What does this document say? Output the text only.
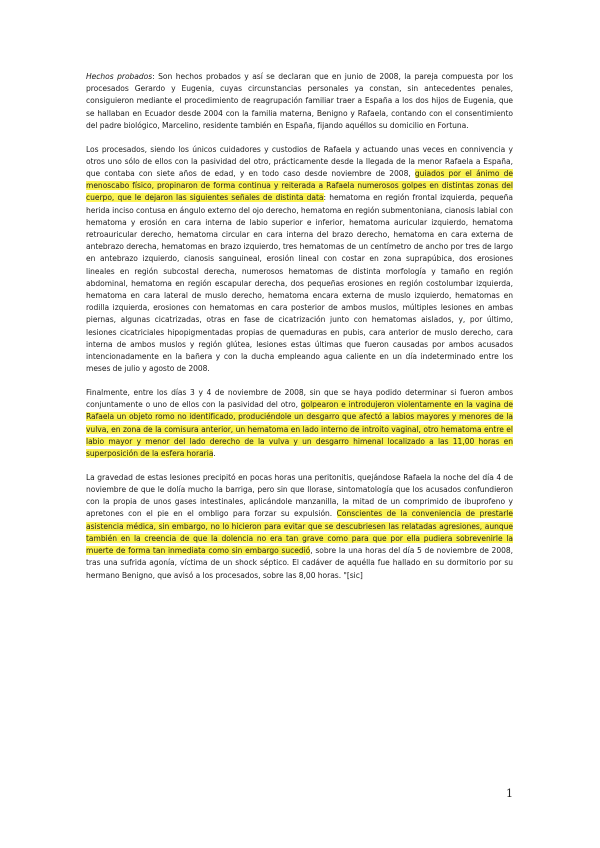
Hechos probados: Son hechos probados y así se declaran que en junio de 2008, la pareja compuesta por los procesados Gerardo y Eugenia, cuyas circunstancias personales ya constan, sin antecedentes penales, consiguieron mediante el procedimiento de reagrupación familiar traer a España a los dos hijos de Eugenia, que se hallaban en Ecuador desde 2004 con la familia materna, Benigno y Rafaela, contando con el consentimiento del padre biológico, Marcelino, residente también en España, fijando aquéllos su domicilio en Fortuna.

Los procesados, siendo los únicos cuidadores y custodios de Rafaela y actuando unas veces en connivencia y otros uno sólo de ellos con la pasividad del otro, prácticamente desde la llegada de la menor Rafaela a España, que contaba con siete años de edad, y en todo caso desde noviembre de 2008, guiados por el ánimo de menoscabo físico, propinaron de forma continua y reiterada a Rafaela numerosos golpes en distintas zonas del cuerpo, que le dejaron las siguientes señales de distinta data: hematoma en región frontal izquierda, pequeña herida inciso contusa en ángulo externo del ojo derecho, hematoma en región submentoniana, cianosis labial con hematoma y erosión en cara interna de labio superior e inferior, hematoma auricular izquierdo, hematoma retroauricular derecho, hematoma circular en cara interna del brazo derecho, hematoma en cara externa de antebrazo derecha, hematomas en brazo izquierdo, tres hematomas de un centímetro de ancho por tres de largo en antebrazo izquierdo, cianosis sanguineal, erosión lineal con costar en zona suprapúbica, dos erosiones lineales en región subcostal derecha, numerosos hematomas de distinta morfología y tamaño en región abdominal, hematoma en región escapular derecha, dos pequeñas erosiones en región costolumbar izquierda, hematoma en cara lateral de muslo derecho, hematoma encara externa de muslo izquierdo, hematomas en rodilla izquierda, erosiones con hematomas en cara posterior de ambos muslos, múltiples lesiones en ambas piernas, algunas cicatrizadas, otras en fase de cicatrización junto con hematomas aislados, y, por último, lesiones cicatriciales hipopigmentadas propias de quemaduras en pubis, cara anterior de muslo derecho, cara interna de ambos muslos y región glútea, lesiones estas últimas que fueron causadas por ambos acusados intencionadamente en la bañera y con la ducha empleando agua caliente en un día indeterminado entre los meses de julio y agosto de 2008.

Finalmente, entre los días 3 y 4 de noviembre de 2008, sin que se haya podido determinar si fueron ambos conjuntamente o uno de ellos con la pasividad del otro, golpearon e introdujeron violentamente en la vagina de Rafaela un objeto romo no identificado, produciéndole un desgarro que afectó a labios mayores y menores de la vulva, en zona de la comisura anterior, un hematoma en lado interno de introito vaginal, otro hematoma entre el labio mayor y menor del lado derecho de la vulva y un desgarro himenal localizado a las 11,00 horas en superposición de la esfera horaria.

La gravedad de estas lesiones precipitó en pocas horas una peritonitis, quejándose Rafaela la noche del día 4 de noviembre de que le dolía mucho la barriga, pero sin que llorase, sintomatología que los acusados confundieron con la propia de unos gases intestinales, aplicándole manzanilla, la mitad de un comprimido de ibuprofeno y apretones con el pie en el ombligo para forzar su expulsión. Conscientes de la conveniencia de prestarle asistencia médica, sin embargo, no lo hicieron para evitar que se descubriesen las relatadas agresiones, aunque también en la creencia de que la dolencia no era tan grave como para que por ella pudiera sobrevenirle la muerte de forma tan inmediata como sin embargo sucedió, sobre la una horas del día 5 de noviembre de 2008, tras una sufrida agonía, víctima de un shock séptico. El cadáver de aquélla fue hallado en su dormitorio por su hermano Benigno, que avisó a los procesados, sobre las 8,00 horas. "[sic]

1
